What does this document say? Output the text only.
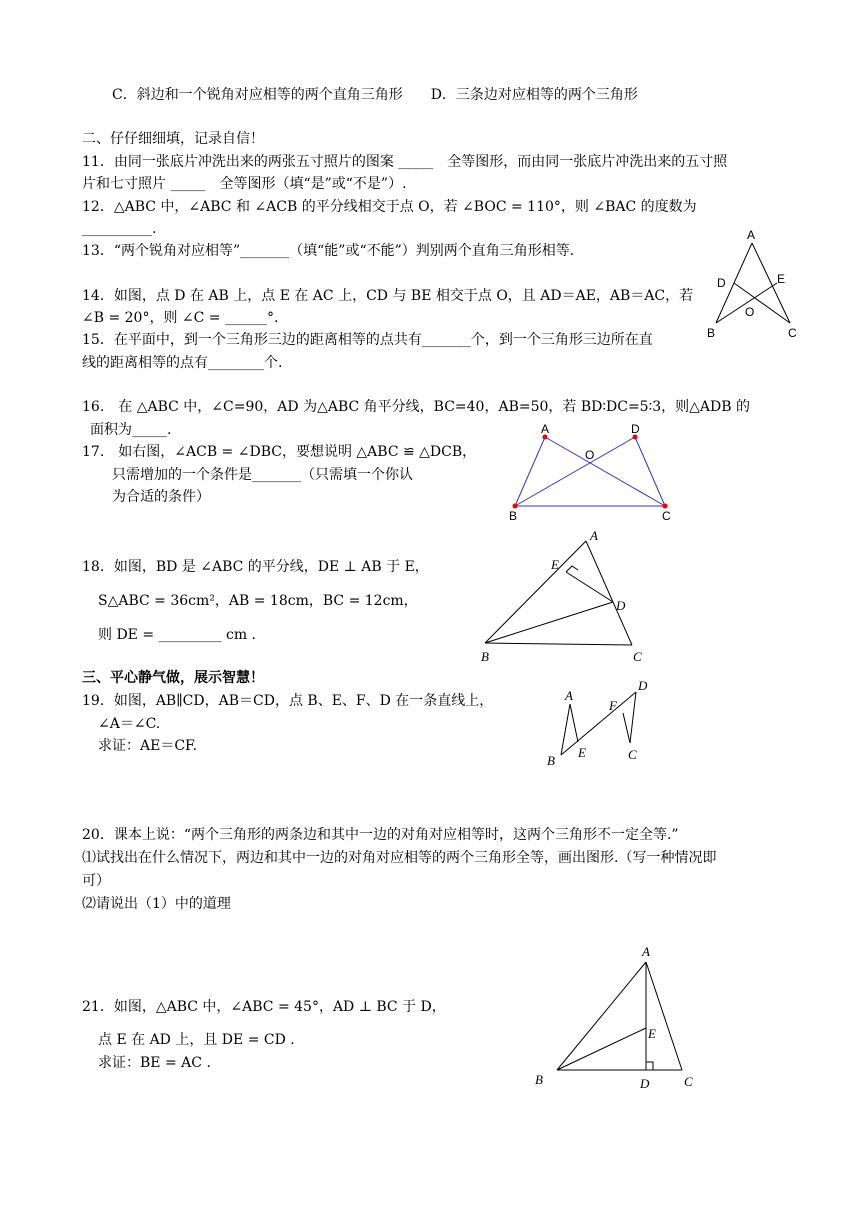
C．斜边和一个锐角对应相等的两个直角三角形　　D．三条边对应相等的两个三角形
二、仔仔细细填，记录自信！
11．由同一张底片冲洗出来的两张五寸照片的图案 _____　全等图形，而由同一张底片冲洗出来的五寸照
片和七寸照片 _____　全等图形（填“是”或“不是”）.
12．△ABC 中，∠ABC 和 ∠ACB 的平分线相交于点 O，若 ∠BOC = 110°，则 ∠BAC 的度数为
__________.
13．“两个锐角对应相等”_______（填“能”或“不能”）判别两个直角三角形相等.
14．如图，点 D 在 AB 上，点 E 在 AC 上，CD 与 BE 相交于点 O，且 AD＝AE，AB＝AC，若
∠B = 20°，则 ∠C = ______°.
15．在平面中，到一个三角形三边的距离相等的点共有_______个，到一个三角形三边所在直
线的距离相等的点有________个.
16.　在 △ABC 中，∠C=90，AD 为△ABC 角平分线，BC=40，AB=50，若 BD∶DC=5∶3，则△ADB 的
面积为_____.
17.　如右图，∠ACB = ∠DBC，要想说明 △ABC ≌ △DCB，
只需增加的一个条件是_______（只需填一个你认
为合适的条件）
18．如图，BD 是 ∠ABC 的平分线，DE ⊥ AB 于 E，
S△ABC = 36cm²，AB = 18cm，BC = 12cm，
则 DE = _________ cm .
三、平心静气做，展示智慧！
19．如图，AB∥CD，AB＝CD，点 B、E、F、D 在一条直线上，
∠A＝∠C.
求证：AE＝CF.
20．课本上说：“两个三角形的两条边和其中一边的对角对应相等时，这两个三角形不一定全等.”
⑴试找出在什么情况下，两边和其中一边的对角对应相等的两个三角形全等，画出图形.（写一种情况即
可）
⑵请说出（1）中的道理
21．如图，△ABC 中，∠ABC = 45°，AD ⊥ BC 于 D，
点 E 在 AD 上，且 DE = CD .
求证：BE = AC .
A
B	C
D	E
O
A	D
B	C
O
A
B	C
D
E
A
B	C
D
E
F
A
B	C
D
E
